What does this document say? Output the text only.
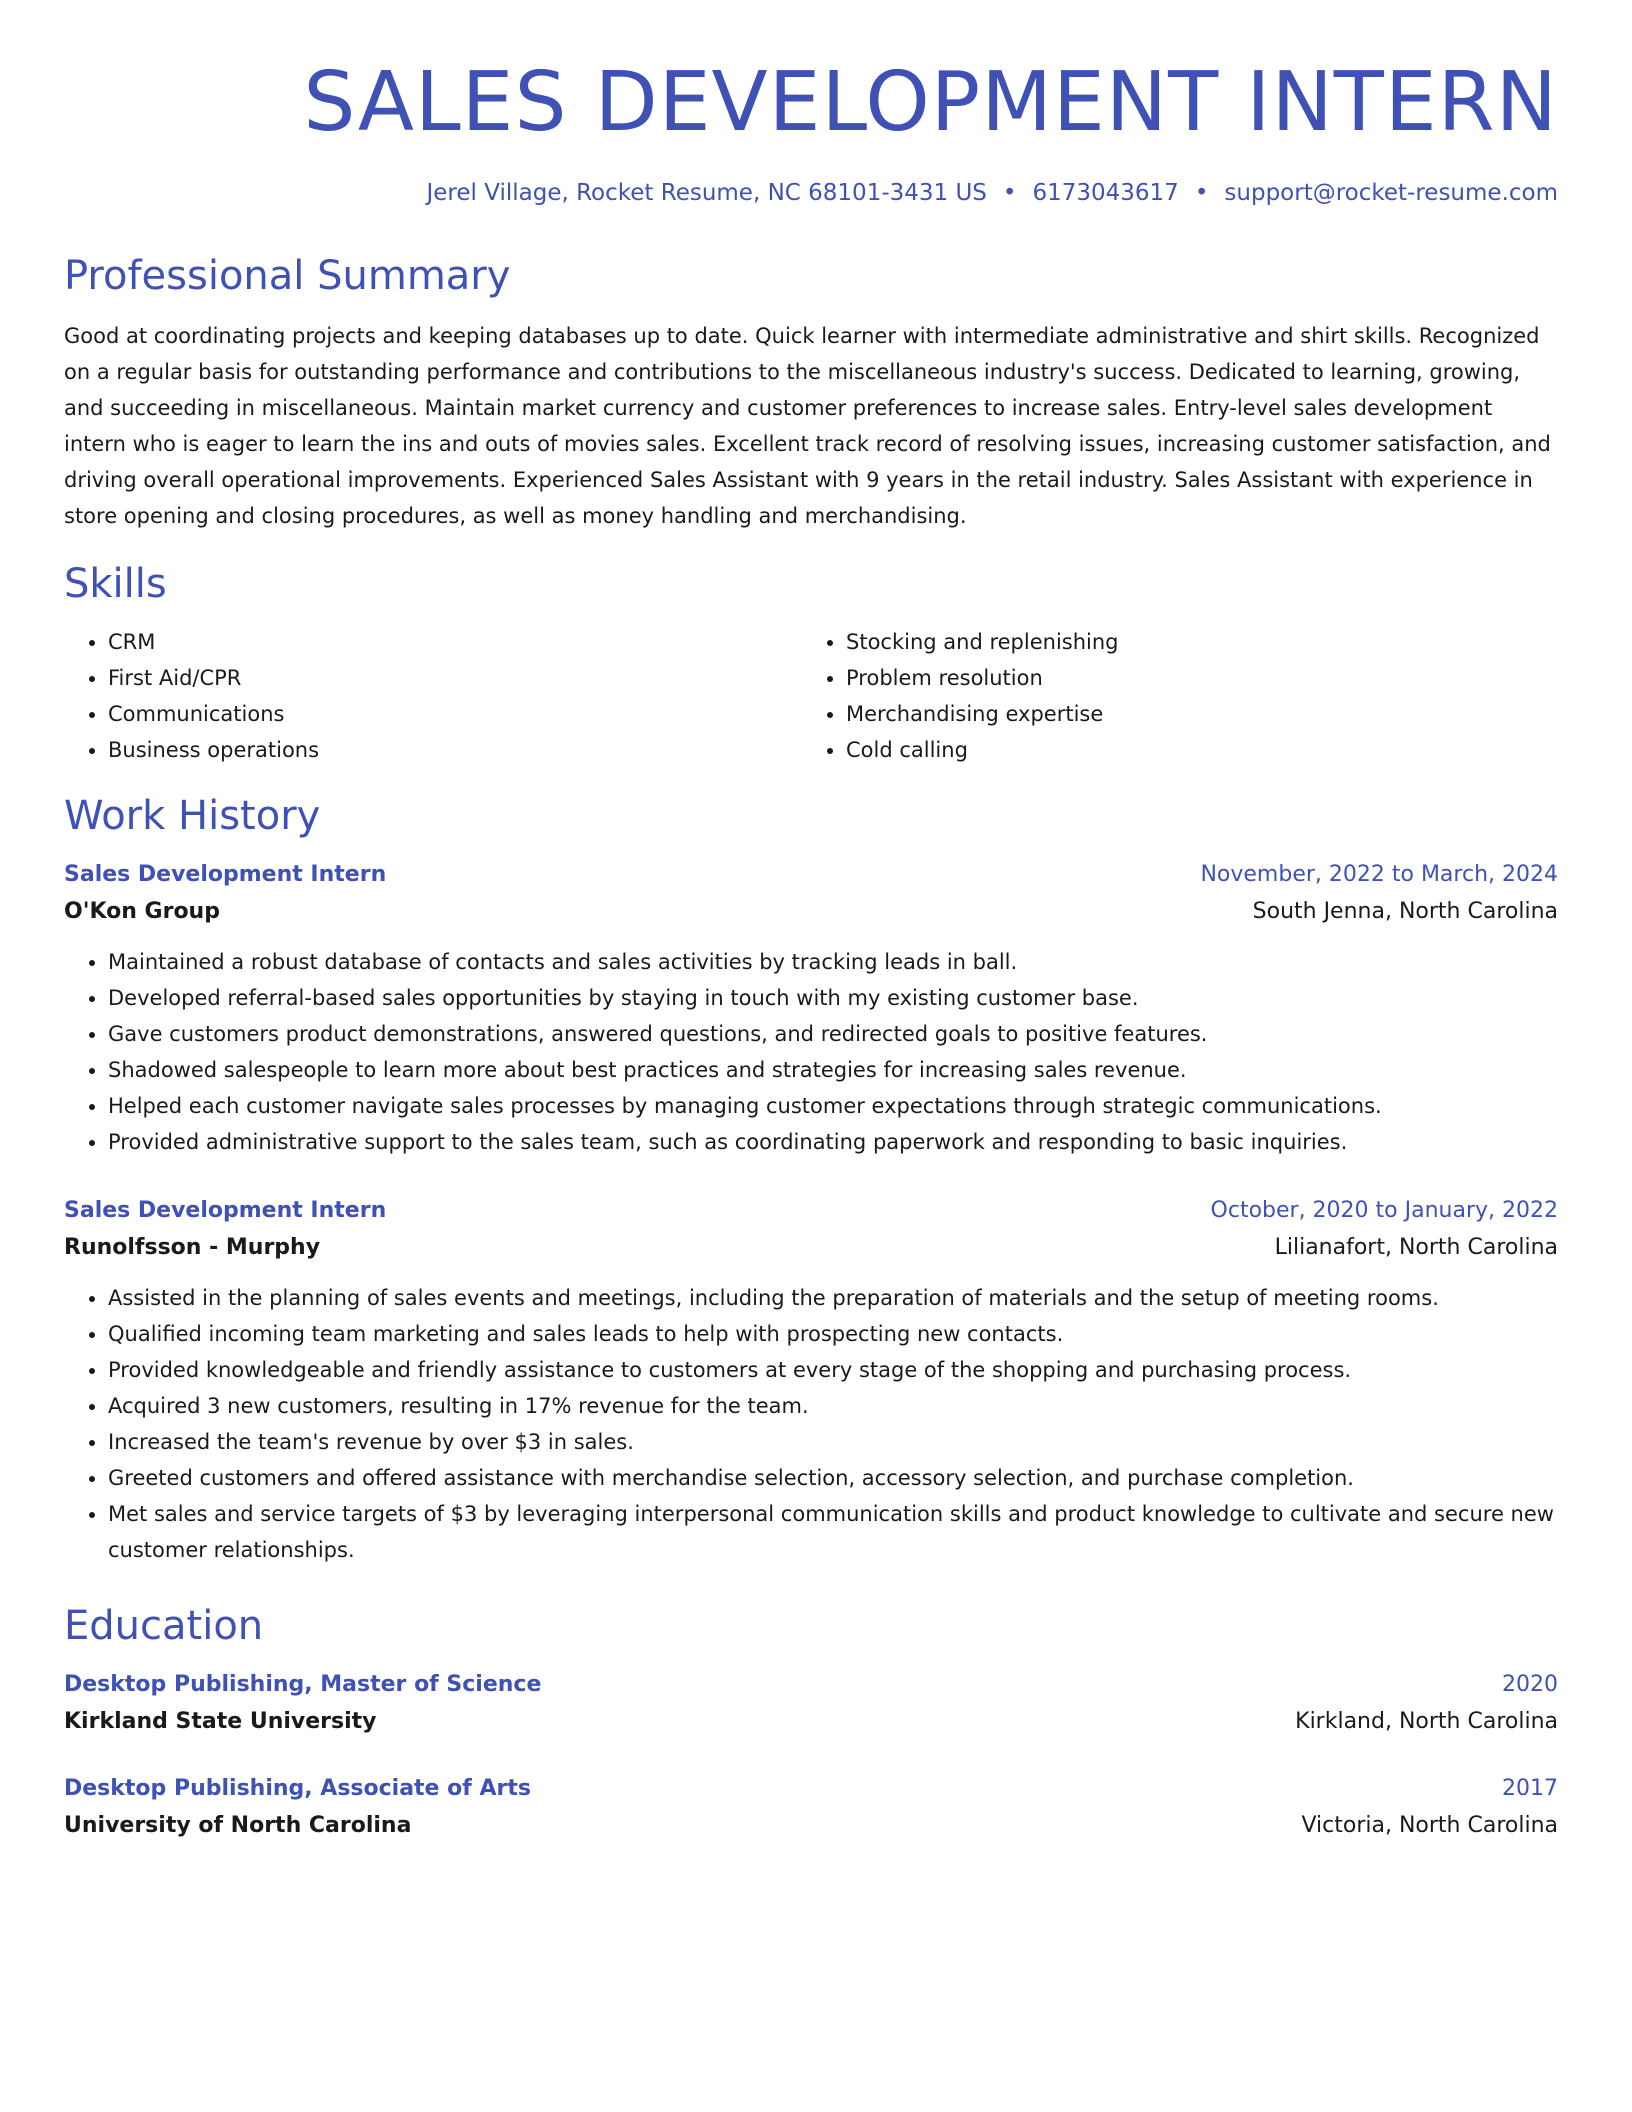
SALES DEVELOPMENT INTERN
Jerel Village, Rocket Resume, NC 68101-3431 US • 6173043617 • support@rocket-resume.com
Professional Summary

Good at coordinating projects and keeping databases up to date. Quick learner with intermediate administrative and shirt skills. Recognized on a regular basis for outstanding performance and contributions to the miscellaneous industry's success. Dedicated to learning, growing, and succeeding in miscellaneous. Maintain market currency and customer preferences to increase sales. Entry-level sales development intern who is eager to learn the ins and outs of movies sales. Excellent track record of resolving issues, increasing customer satisfaction, and driving overall operational improvements. Experienced Sales Assistant with 9 years in the retail industry. Sales Assistant with experience in store opening and closing procedures, as well as money handling and merchandising.

Skills
• CRM
• First Aid/CPR
• Communications
• Business operations
• Stocking and replenishing
• Problem resolution
• Merchandising expertise
• Cold calling
Work History
Sales Development Intern	November, 2022 to March, 2024
O'Kon Group	South Jenna, North Carolina
• Maintained a robust database of contacts and sales activities by tracking leads in ball.
• Developed referral-based sales opportunities by staying in touch with my existing customer base.
• Gave customers product demonstrations, answered questions, and redirected goals to positive features.
• Shadowed salespeople to learn more about best practices and strategies for increasing sales revenue.
• Helped each customer navigate sales processes by managing customer expectations through strategic communications.
• Provided administrative support to the sales team, such as coordinating paperwork and responding to basic inquiries.
Sales Development Intern	October, 2020 to January, 2022
Runolfsson - Murphy	Lilianafort, North Carolina
• Assisted in the planning of sales events and meetings, including the preparation of materials and the setup of meeting rooms.
• Qualified incoming team marketing and sales leads to help with prospecting new contacts.
• Provided knowledgeable and friendly assistance to customers at every stage of the shopping and purchasing process.
• Acquired 3 new customers, resulting in 17% revenue for the team.
• Increased the team's revenue by over $3 in sales.
• Greeted customers and offered assistance with merchandise selection, accessory selection, and purchase completion.
• Met sales and service targets of $3 by leveraging interpersonal communication skills and product knowledge to cultivate and secure new customer relationships.
Education
Desktop Publishing, Master of Science	2020
Kirkland State University	Kirkland, North Carolina
Desktop Publishing, Associate of Arts	2017
University of North Carolina	Victoria, North Carolina
